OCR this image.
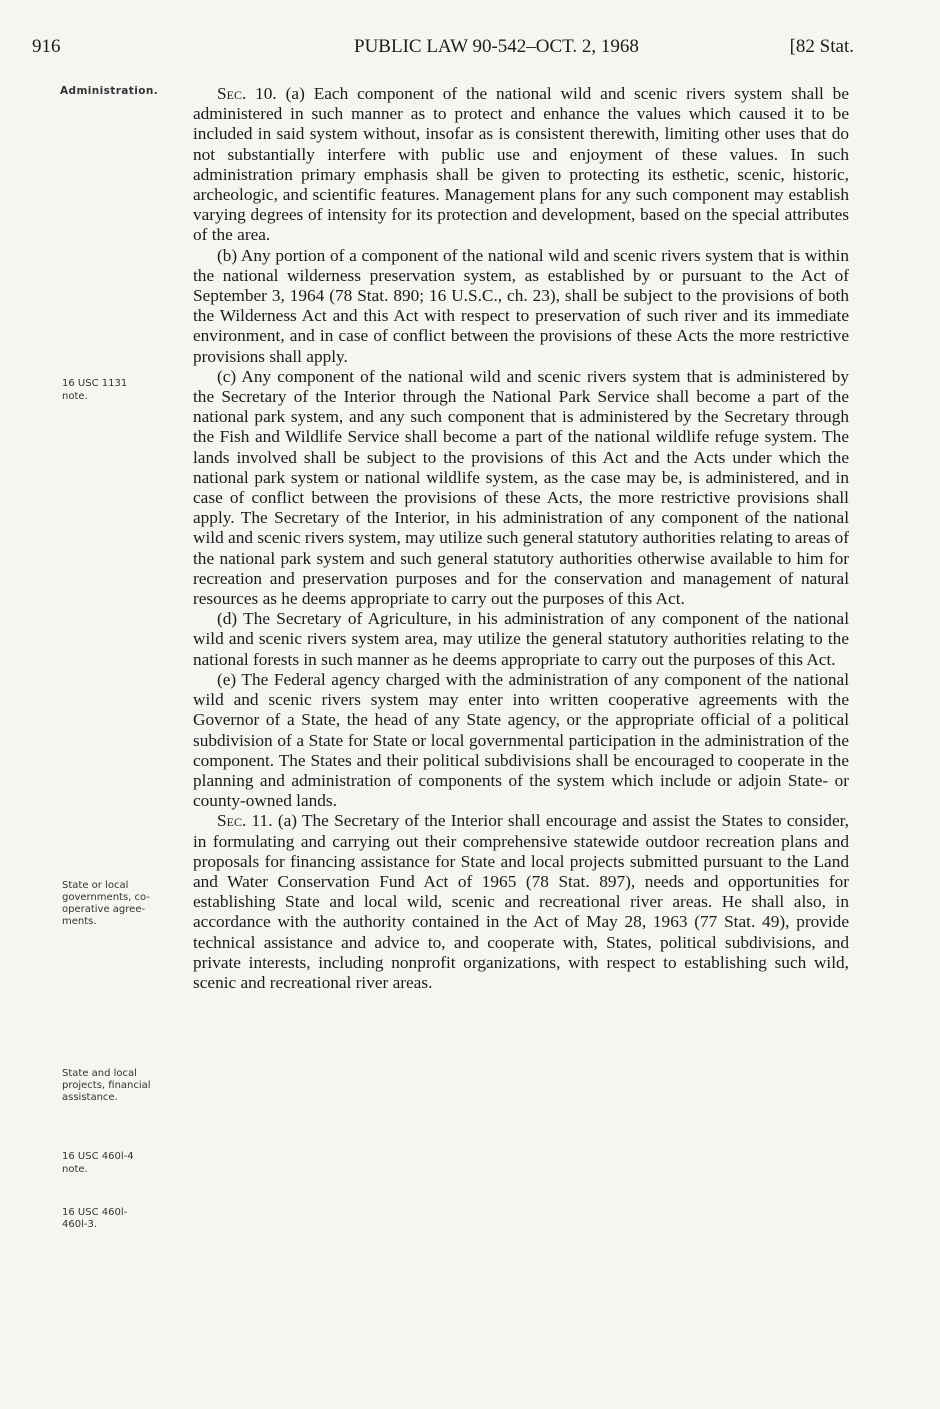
916	PUBLIC LAW 90-542–OCT. 2, 1968	[82 Stat.
Administration.
16 USC 1131
note.
State or local governments, co-operative agree-ments.
State and local projects, financial assistance.
16 USC 460l-4
note.
16 USC 460l-460l-3.

Sec. 10. (a) Each component of the national wild and scenic rivers system shall be administered in such manner as to protect and enhance the values which caused it to be included in said system without, insofar as is consistent therewith, limiting other uses that do not substantially interfere with public use and enjoyment of these values. In such administration primary emphasis shall be given to protecting its esthetic, scenic, historic, archeologic, and scientific features. Management plans for any such component may establish varying degrees of intensity for its protection and development, based on the special attributes of the area.

(b) Any portion of a component of the national wild and scenic rivers system that is within the national wilderness preservation system, as established by or pursuant to the Act of September 3, 1964 (78 Stat. 890; 16 U.S.C., ch. 23), shall be subject to the provisions of both the Wilderness Act and this Act with respect to preservation of such river and its immediate environment, and in case of conflict between the provisions of these Acts the more restrictive provisions shall apply.

(c) Any component of the national wild and scenic rivers system that is administered by the Secretary of the Interior through the National Park Service shall become a part of the national park system, and any such component that is administered by the Secretary through the Fish and Wildlife Service shall become a part of the national wildlife refuge system. The lands involved shall be subject to the provisions of this Act and the Acts under which the national park system or national wildlife system, as the case may be, is administered, and in case of conflict between the provisions of these Acts, the more restrictive provisions shall apply. The Secretary of the Interior, in his administration of any component of the national wild and scenic rivers system, may utilize such general statutory authorities relating to areas of the national park system and such general statutory authorities otherwise available to him for recreation and preservation purposes and for the conservation and management of natural resources as he deems appropriate to carry out the purposes of this Act.

(d) The Secretary of Agriculture, in his administration of any component of the national wild and scenic rivers system area, may utilize the general statutory authorities relating to the national forests in such manner as he deems appropriate to carry out the purposes of this Act.

(e) The Federal agency charged with the administration of any component of the national wild and scenic rivers system may enter into written cooperative agreements with the Governor of a State, the head of any State agency, or the appropriate official of a political subdivision of a State for State or local governmental participation in the administration of the component. The States and their political subdivisions shall be encouraged to cooperate in the planning and administration of components of the system which include or adjoin State- or county-owned lands.

Sec. 11. (a) The Secretary of the Interior shall encourage and assist the States to consider, in formulating and carrying out their comprehensive statewide outdoor recreation plans and proposals for financing assistance for State and local projects submitted pursuant to the Land and Water Conservation Fund Act of 1965 (78 Stat. 897), needs and opportunities for establishing State and local wild, scenic and recreational river areas. He shall also, in accordance with the authority contained in the Act of May 28, 1963 (77 Stat. 49), provide technical assistance and advice to, and cooperate with, States, political subdivisions, and private interests, including nonprofit organizations, with respect to establishing such wild, scenic and recreational river areas.
